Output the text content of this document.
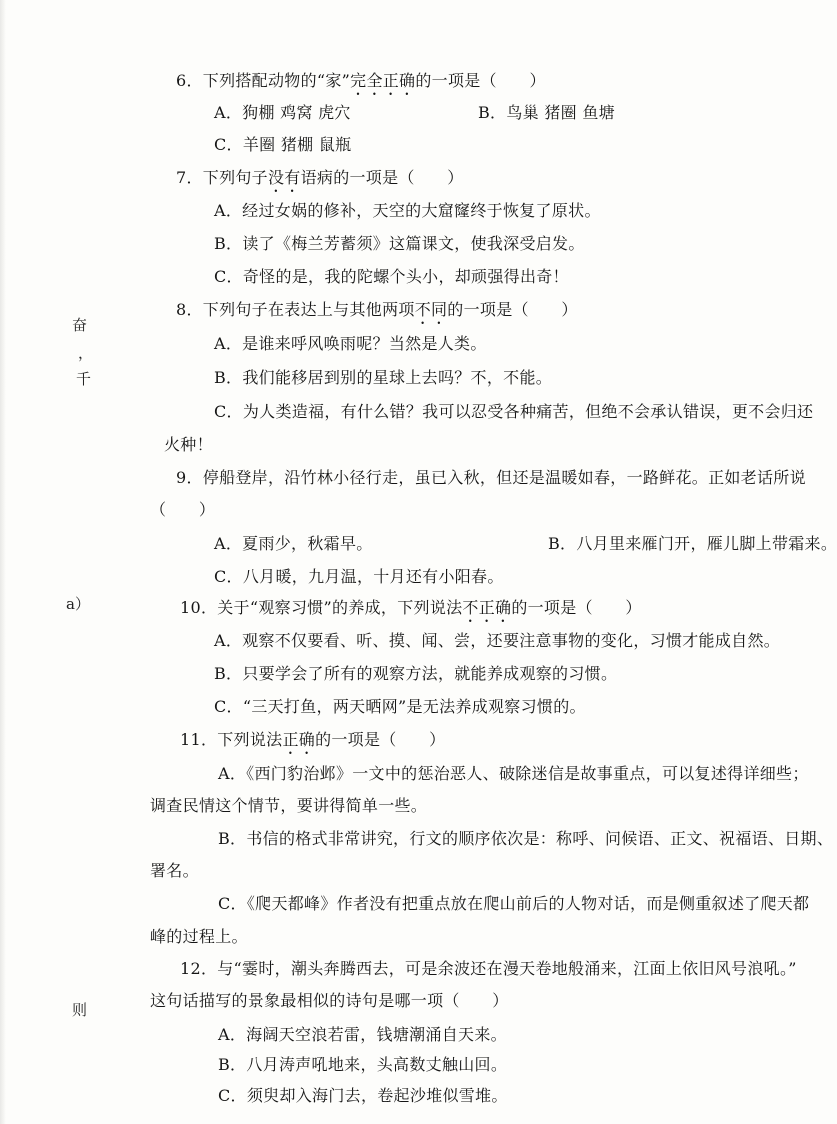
奋
，
千
a）
则
6．下列搭配动物的“家”完全正确的一项是（　　）
A．狗棚 鸡窝 虎穴	B．鸟巢 猪圈 鱼塘
C．羊圈 猪棚 鼠瓶
7．下列句子没有语病的一项是（　　）
A．经过女娲的修补，天空的大窟窿终于恢复了原状。
B．读了《梅兰芳蓄须》这篇课文，使我深受启发。
C．奇怪的是，我的陀螺个头小，却顽强得出奇！
8．下列句子在表达上与其他两项不同的一项是（　　）
A．是谁来呼风唤雨呢？当然是人类。
B．我们能移居到别的星球上去吗？不，不能。
C．为人类造福，有什么错？我可以忍受各种痛苦，但绝不会承认错误，更不会归还
火种！
9．停船登岸，沿竹林小径行走，虽已入秋，但还是温暖如春，一路鲜花。正如老话所说
（　　）
A．夏雨少，秋霜早。	B．八月里来雁门开，雁儿脚上带霜来。
C．八月暖，九月温，十月还有小阳春。
10．关于“观察习惯”的养成，下列说法不正确的一项是（　　）
A．观察不仅要看、听、摸、闻、尝，还要注意事物的变化，习惯才能成自然。
B．只要学会了所有的观察方法，就能养成观察的习惯。
C．“三天打鱼，两天晒网”是无法养成观察习惯的。
11．下列说法正确的一项是（　　）
A．《西门豹治邺》一文中的惩治恶人、破除迷信是故事重点，可以复述得详细些；
调查民情这个情节，要讲得简单一些。
B．书信的格式非常讲究，行文的顺序依次是：称呼、问候语、正文、祝福语、日期、
署名。
C．《爬天都峰》作者没有把重点放在爬山前后的人物对话，而是侧重叙述了爬天都
峰的过程上。
12．与“霎时，潮头奔腾西去，可是余波还在漫天卷地般涌来，江面上依旧风号浪吼。”
这句话描写的景象最相似的诗句是哪一项（　　）
A．海阔天空浪若雷，钱塘潮涌自天来。
B．八月涛声吼地来，头高数丈触山回。
C．须臾却入海门去，卷起沙堆似雪堆。
